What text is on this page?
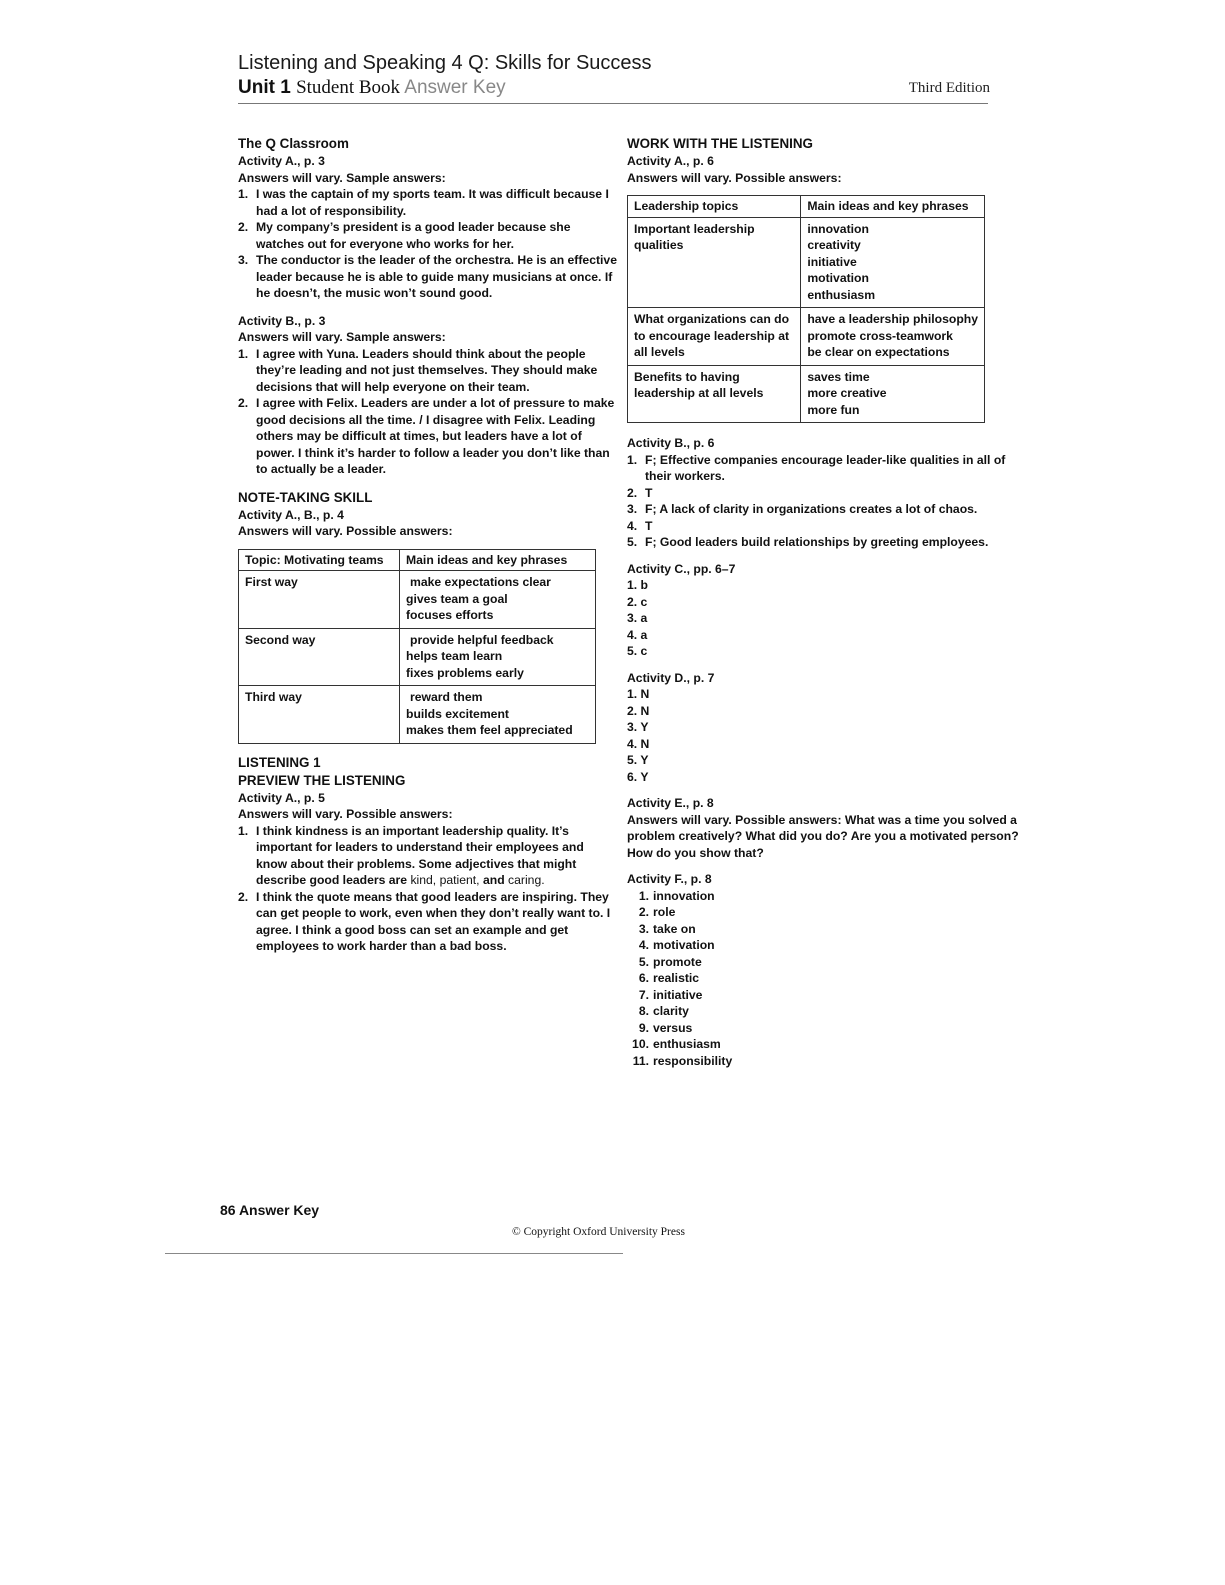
Listening and Speaking 4 Q: Skills for Success
Unit 1 Student Book Answer Key	Third Edition
The Q Classroom
Activity A., p. 3
Answers will vary. Sample answers:
1. I was the captain of my sports team. It was difficult because I had a lot of responsibility.
2. My company’s president is a good leader because she watches out for everyone who works for her.
3. The conductor is the leader of the orchestra. He is an effective leader because he is able to guide many musicians at once. If he doesn’t, the music won’t sound good.
Activity B., p. 3
Answers will vary. Sample answers:
1. I agree with Yuna. Leaders should think about the people they’re leading and not just themselves. They should make decisions that will help everyone on their team.
2. I agree with Felix. Leaders are under a lot of pressure to make good decisions all the time. / I disagree with Felix. Leading others may be difficult at times, but leaders have a lot of power. I think it’s harder to follow a leader you don’t like than to actually be a leader.
NOTE-TAKING SKILL
Activity A., B., p. 4
Answers will vary. Possible answers:
Topic: Motivating teams	Main ideas and key phrases
First way	make expectations clear
gives team a goal
focuses efforts

Second way	provide helpful feedback
helps team learn
fixes problems early

Third way	reward them
builds excitement
makes them feel appreciated
LISTENING 1
PREVIEW THE LISTENING
Activity A., p. 5
Answers will vary. Possible answers:
1. I think kindness is an important leadership quality. It’s important for leaders to understand their employees and know about their problems. Some adjectives that might describe good leaders are kind, patient, and caring.
2. I think the quote means that good leaders are inspiring. They can get people to work, even when they don’t really want to. I agree. I think a good boss can set an example and get employees to work harder than a bad boss.
WORK WITH THE LISTENING
Activity A., p. 6
Answers will vary. Possible answers:
Leadership topics	Main ideas and key phrases
Important leadership qualities	innovation
creativity
initiative
motivation
enthusiasm

What organizations can do to encourage leadership at all levels	have a leadership philosophy
promote cross-teamwork
be clear on expectations

Benefits to having leadership at all levels	saves time
more creative
more fun
Activity B., p. 6
1. F; Effective companies encourage leader-like qualities in all of their workers.
2. T
3. F; A lack of clarity in organizations creates a lot of chaos.
4. T
5. F; Good leaders build relationships by greeting employees.
Activity C., pp. 6–7
1. b
2. c
3. a
4. a
5. c
Activity D., p. 7
1. N
2. N
3. Y
4. N
5. Y
6. Y
Activity E., p. 8
Answers will vary. Possible answers: What was a time you solved a problem creatively? What did you do? Are you a motivated person? How do you show that?
Activity F., p. 8
1. innovation
2. role
3. take on
4. motivation
5. promote
6. realistic
7. initiative
8. clarity
9. versus
10. enthusiasm
11. responsibility
86 Answer Key
© Copyright Oxford University Press
